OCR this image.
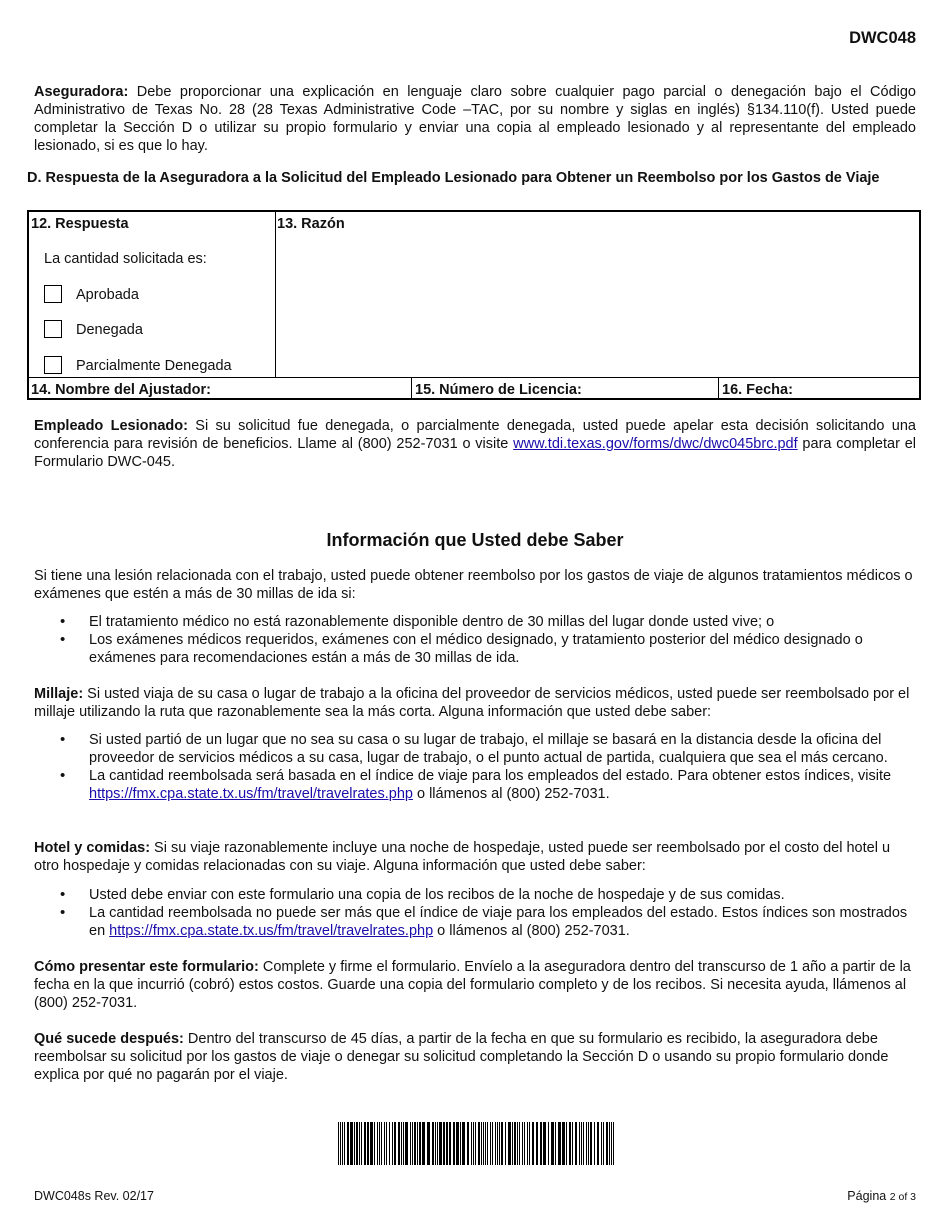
DWC048

Aseguradora: Debe proporcionar una explicación en lenguaje claro sobre cualquier pago parcial o denegación bajo el Código Administrativo de Texas No. 28 (28 Texas Administrative Code –TAC, por su nombre y siglas en inglés) §134.110(f). Usted puede completar la Sección D o utilizar su propio formulario y enviar una copia al empleado lesionado y al representante del empleado lesionado, si es que lo hay.

D. Respuesta de la Aseguradora a la Solicitud del Empleado Lesionado para Obtener un Reembolso por los Gastos de Viaje
12. Respuesta
La cantidad solicitada es:
Aprobada
Denegada
Parcialmente Denegada
13. Razón
14. Nombre del Ajustador:	15. Número de Licencia:	16. Fecha:

Empleado Lesionado: Si su solicitud fue denegada, o parcialmente denegada, usted puede apelar esta decisión solicitando una conferencia para revisión de beneficios. Llame al (800) 252-7031 o visite www.tdi.texas.gov/forms/dwc/dwc045brc.pdf para completar el Formulario DWC-045.

Información que Usted debe Saber

Si tiene una lesión relacionada con el trabajo, usted puede obtener reembolso por los gastos de viaje de algunos tratamientos médicos o exámenes que estén a más de 30 millas de ida si:

• El tratamiento médico no está razonablemente disponible dentro de 30 millas del lugar donde usted vive; o
• Los exámenes médicos requeridos, exámenes con el médico designado, y tratamiento posterior del médico designado o exámenes para recomendaciones están a más de 30 millas de ida.

Millaje: Si usted viaja de su casa o lugar de trabajo a la oficina del proveedor de servicios médicos, usted puede ser reembolsado por el millaje utilizando la ruta que razonablemente sea la más corta. Alguna información que usted debe saber:

• Si usted partió de un lugar que no sea su casa o su lugar de trabajo, el millaje se basará en la distancia desde la oficina del proveedor de servicios médicos a su casa, lugar de trabajo, o el punto actual de partida, cualquiera que sea el más cercano.
• La cantidad reembolsada será basada en el índice de viaje para los empleados del estado. Para obtener estos índices, visite https://fmx.cpa.state.tx.us/fm/travel/travelrates.php o llámenos al (800) 252-7031.

Hotel y comidas: Si su viaje razonablemente incluye una noche de hospedaje, usted puede ser reembolsado por el costo del hotel u otro hospedaje y comidas relacionadas con su viaje. Alguna información que usted debe saber:

• Usted debe enviar con este formulario una copia de los recibos de la noche de hospedaje y de sus comidas.
• La cantidad reembolsada no puede ser más que el índice de viaje para los empleados del estado. Estos índices son mostrados en https://fmx.cpa.state.tx.us/fm/travel/travelrates.php o llámenos al (800) 252-7031.

Cómo presentar este formulario: Complete y firme el formulario. Envíelo a la aseguradora dentro del transcurso de 1 año a partir de la fecha en la que incurrió (cobró) estos costos. Guarde una copia del formulario completo y de los recibos. Si necesita ayuda, llámenos al (800) 252-7031.

Qué sucede después: Dentro del transcurso de 45 días, a partir de la fecha en que su formulario es recibido, la aseguradora debe reembolsar su solicitud por los gastos de viaje o denegar su solicitud completando la Sección D o usando su propio formulario donde explica por qué no pagarán por el viaje.

DWC048s Rev. 02/17	Página 2 of 3
